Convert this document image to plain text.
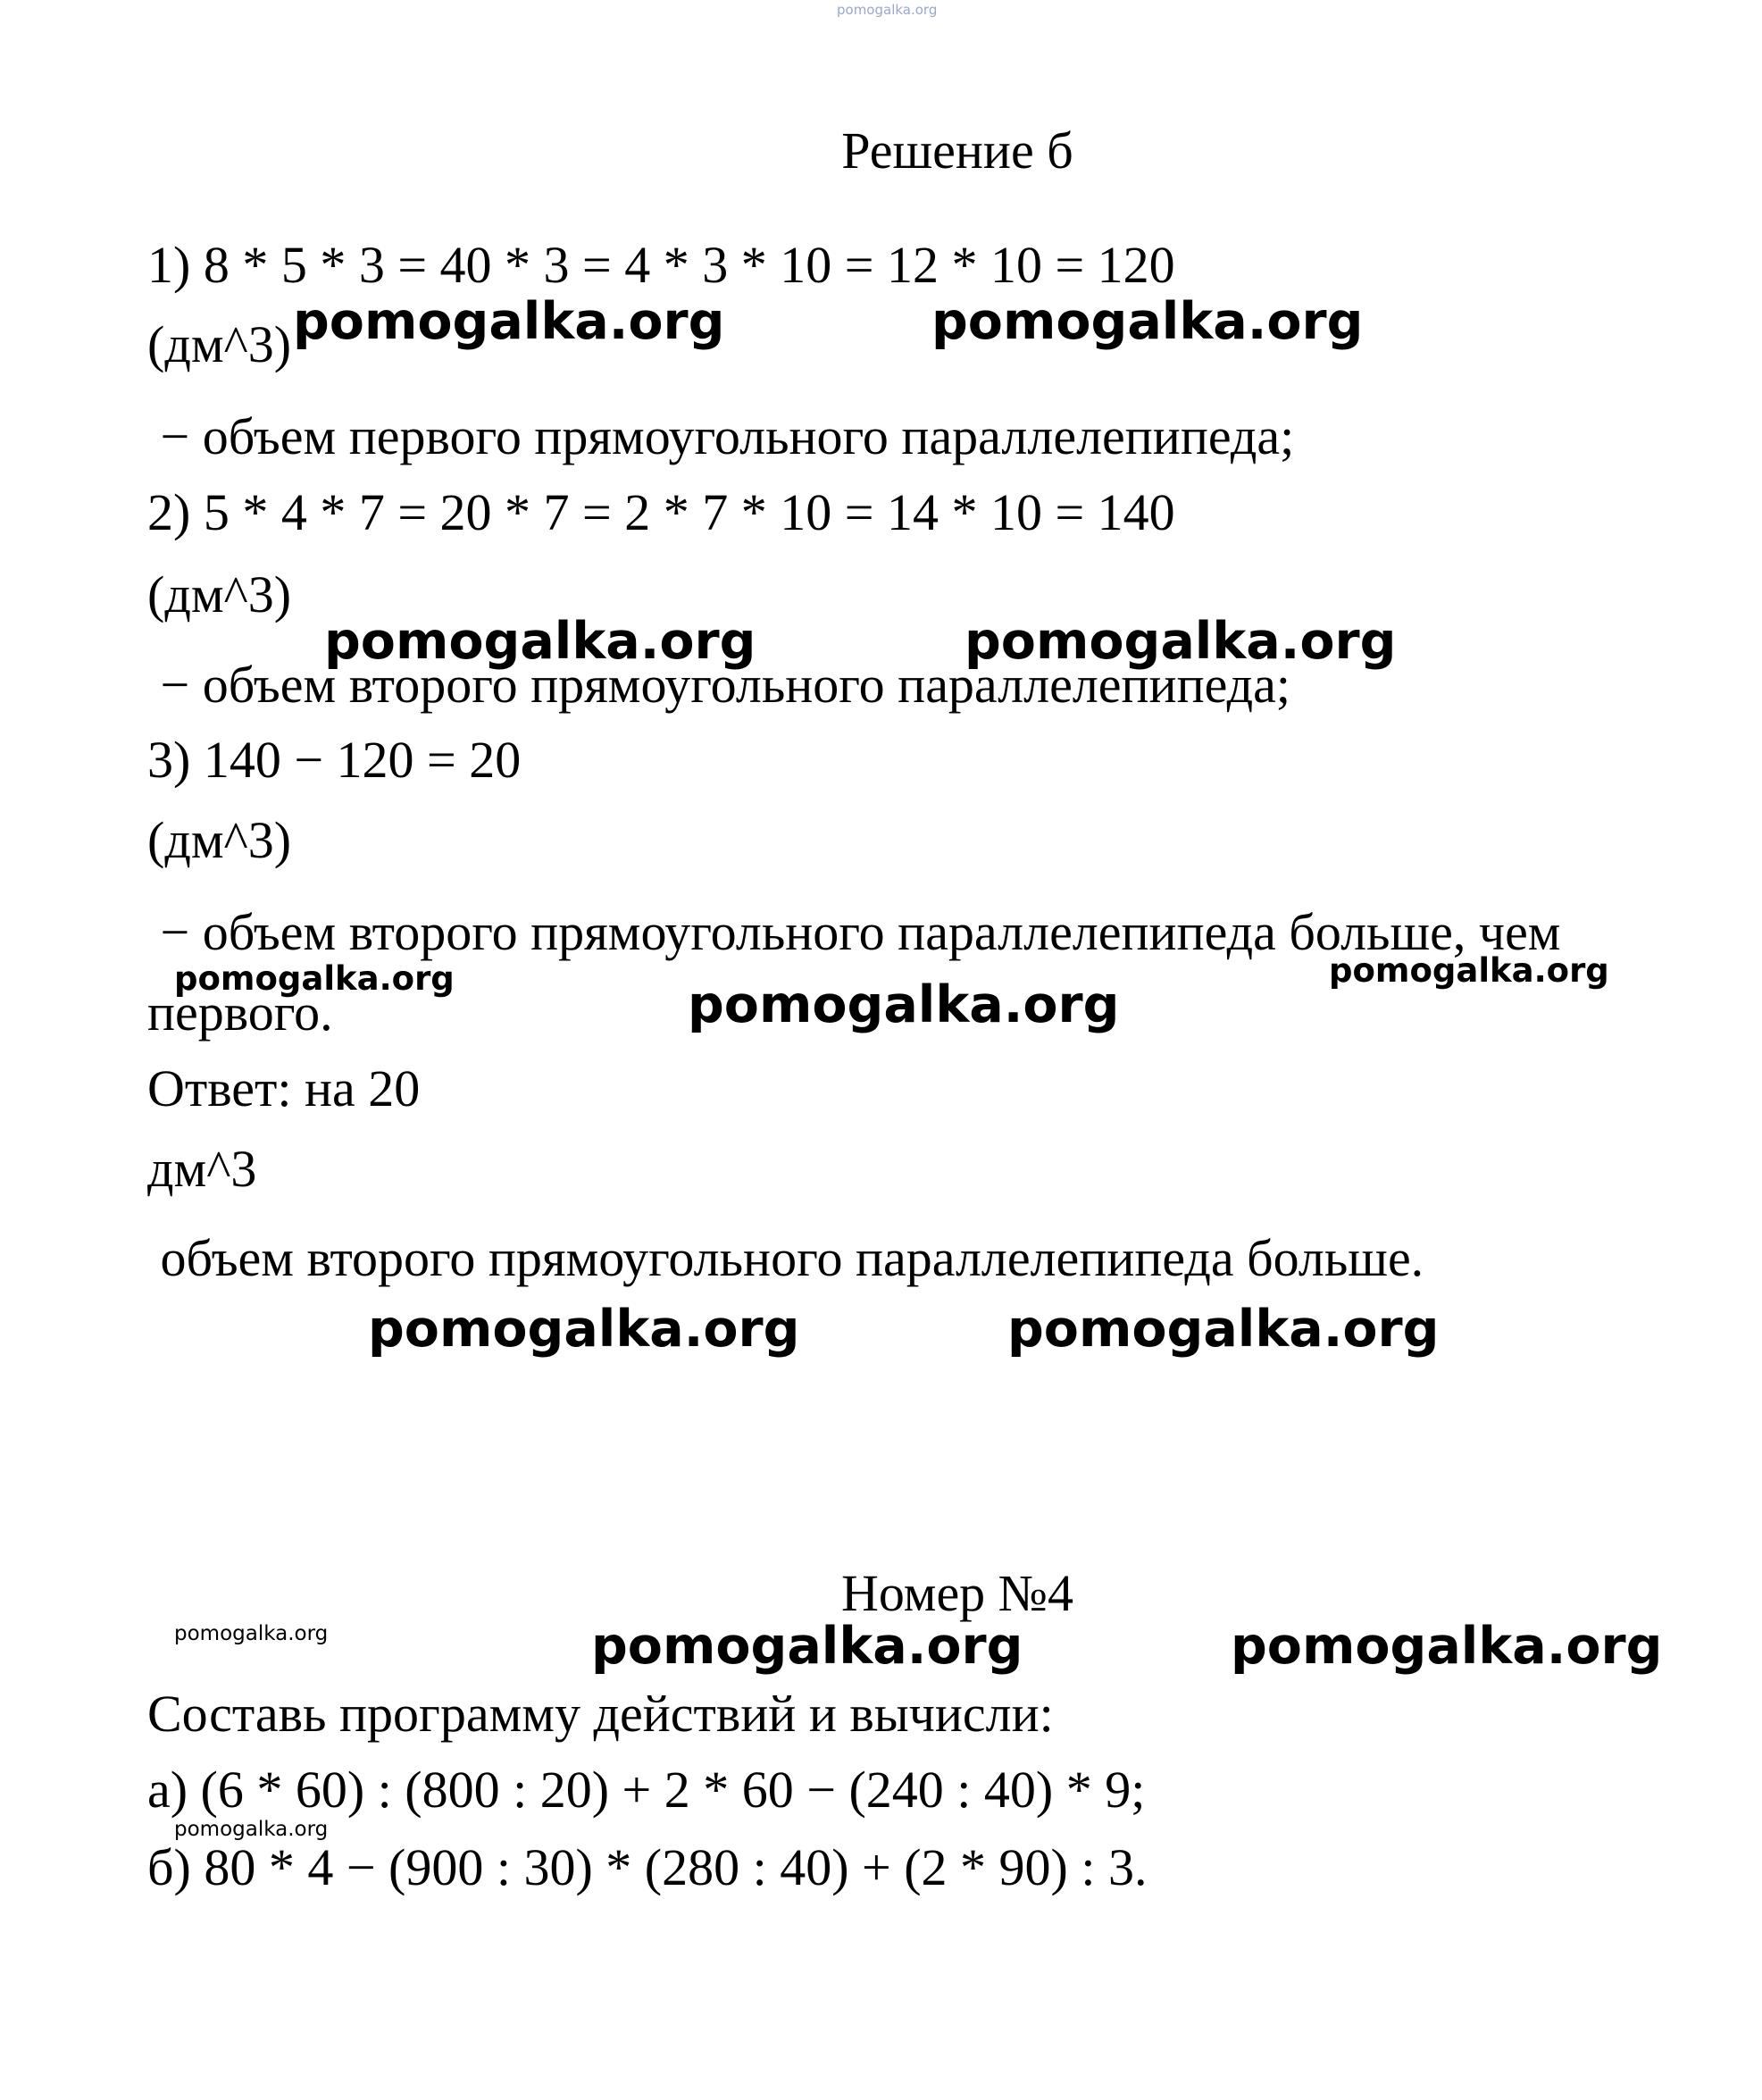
pomogalka.org
Решение б
1) 8 * 5 * 3 = 40 * 3 = 4 * 3 * 10 = 12 * 10 = 120
(дм^3)
− объем первого прямоугольного параллелепипеда;
2) 5 * 4 * 7 = 20 * 7 = 2 * 7 * 10 = 14 * 10 = 140
(дм^3)
− объем второго прямоугольного параллелепипеда;
3) 140 − 120 = 20
(дм^3)
− объем второго прямоугольного параллелепипеда больше, чем
первого.
Ответ: на 20
дм^3
объем второго прямоугольного параллелепипеда больше.
Номер №4
Составь программу действий и вычисли:
а) (6 * 60) : (800 : 20) + 2 * 60 − (240 : 40) * 9;
б) 80 * 4 − (900 : 30) * (280 : 40) + (2 * 90) : 3.
pomogalka.org	pomogalka.org
pomogalka.org	pomogalka.org
pomogalka.org	pomogalka.org
pomogalka.org
pomogalka.org	pomogalka.org
pomogalka.org	pomogalka.org	pomogalka.org
pomogalka.org
